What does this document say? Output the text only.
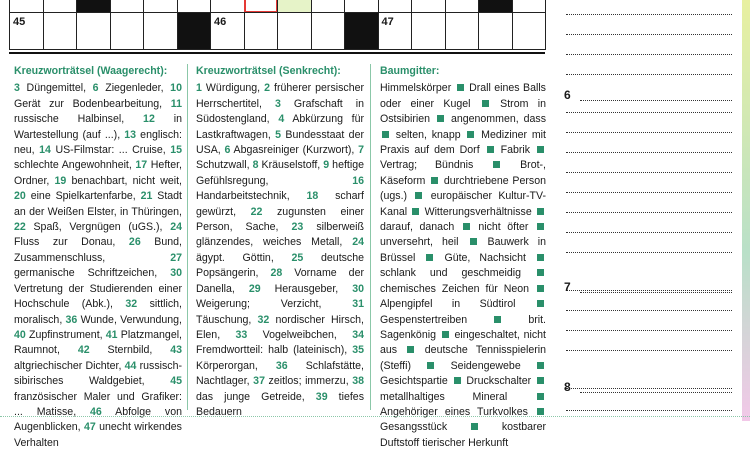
45	46	47
Kreuzworträtsel (Waagerecht):
3 Düngemittel, 6 Ziegenleder, 10 Gerät zur Bodenbearbeitung, 11 russische Halbinsel, 12 in Wartestellung (auf ...), 13 englisch: neu, 14 US-Filmstar: ... Cruise, 15 schlechte Angewohnheit, 17 Hefter, Ordner, 19 benachbart, nicht weit, 20 eine Spielkartenfarbe, 21 Stadt an der Weißen Elster, in Thüringen, 22 Spaß, Vergnügen (uGS.), 24 Fluss zur Donau, 26 Bund, Zusammenschluss,	27 germanische Schriftzeichen, 30 Vertretung der Studierenden einer Hochschule (Abk.), 32 sittlich, moralisch, 36 Wunde, Verwundung, 40 Zupfinstrument, 41 Platzmangel, Raumnot, 42 Sternbild, 43 altgriechischer Dichter, 44 russisch-sibirisches Waldgebiet, 45 französischer Maler und Grafiker: ... Matisse, 46 Abfolge von Augenblicken, 47 unecht wirkendes Verhalten
Kreuzworträtsel (Senkrecht):
1 Würdigung, 2 früherer persischer Herrschertitel, 3 Grafschaft in Südostengland, 4 Abkürzung für Lastkraftwagen, 5 Bundesstaat der USA, 6 Abgasreiniger (Kurzwort), 7 Schutzwall, 8 Kräuselstoff, 9 heftige Gefühlsregung,	16 Handarbeitstechnik, 18 scharf gewürzt, 22 zugunsten einer Person, Sache, 23 silberweiß glänzendes, weiches Metall, 24 ägypt. Göttin, 25 deutsche Popsängerin, 28 Vorname der Danella, 29 Herausgeber, 30 Weigerung; Verzicht,	31 Täuschung, 32 nordischer Hirsch, Elen, 33 Vogelweibchen, 34 Fremdwortteil: halb (lateinisch), 35 Körperorgan, 36 Schlafstätte, Nachtlager, 37 zeitlos; immerzu, 38 das junge Getreide, 39 tiefes Bedauern
Baumgitter:
Himmelskörper Drall eines Balls oder einer Kugel	Strom in Ostsibirien angenommen, dass  selten, knapp Mediziner mit Praxis auf dem Dorf Fabrik  Vertrag; Bündnis	Brot-, Käseform durchtriebene Person (ugs.) europäischer Kultur-TV-Kanal Witterungsverhältnisse  darauf, danach nicht öfter  unversehrt, heil	Bauwerk in Brüssel	Güte, Nachsicht  schlank und geschmeidig  chemisches Zeichen für Neon  Alpengipfel in Südtirol  Gespenstertreiben	brit. Sagenkönig eingeschaltet, nicht aus	deutsche Tennisspielerin (Steffi)	Seidengewebe  Gesichtspartie Druckschalter  metallhaltiges Mineral  Angehöriger eines Turkvolkes  Gesangsstück	kostbarer Duftstoff tierischer Herkunft
6
7
8
